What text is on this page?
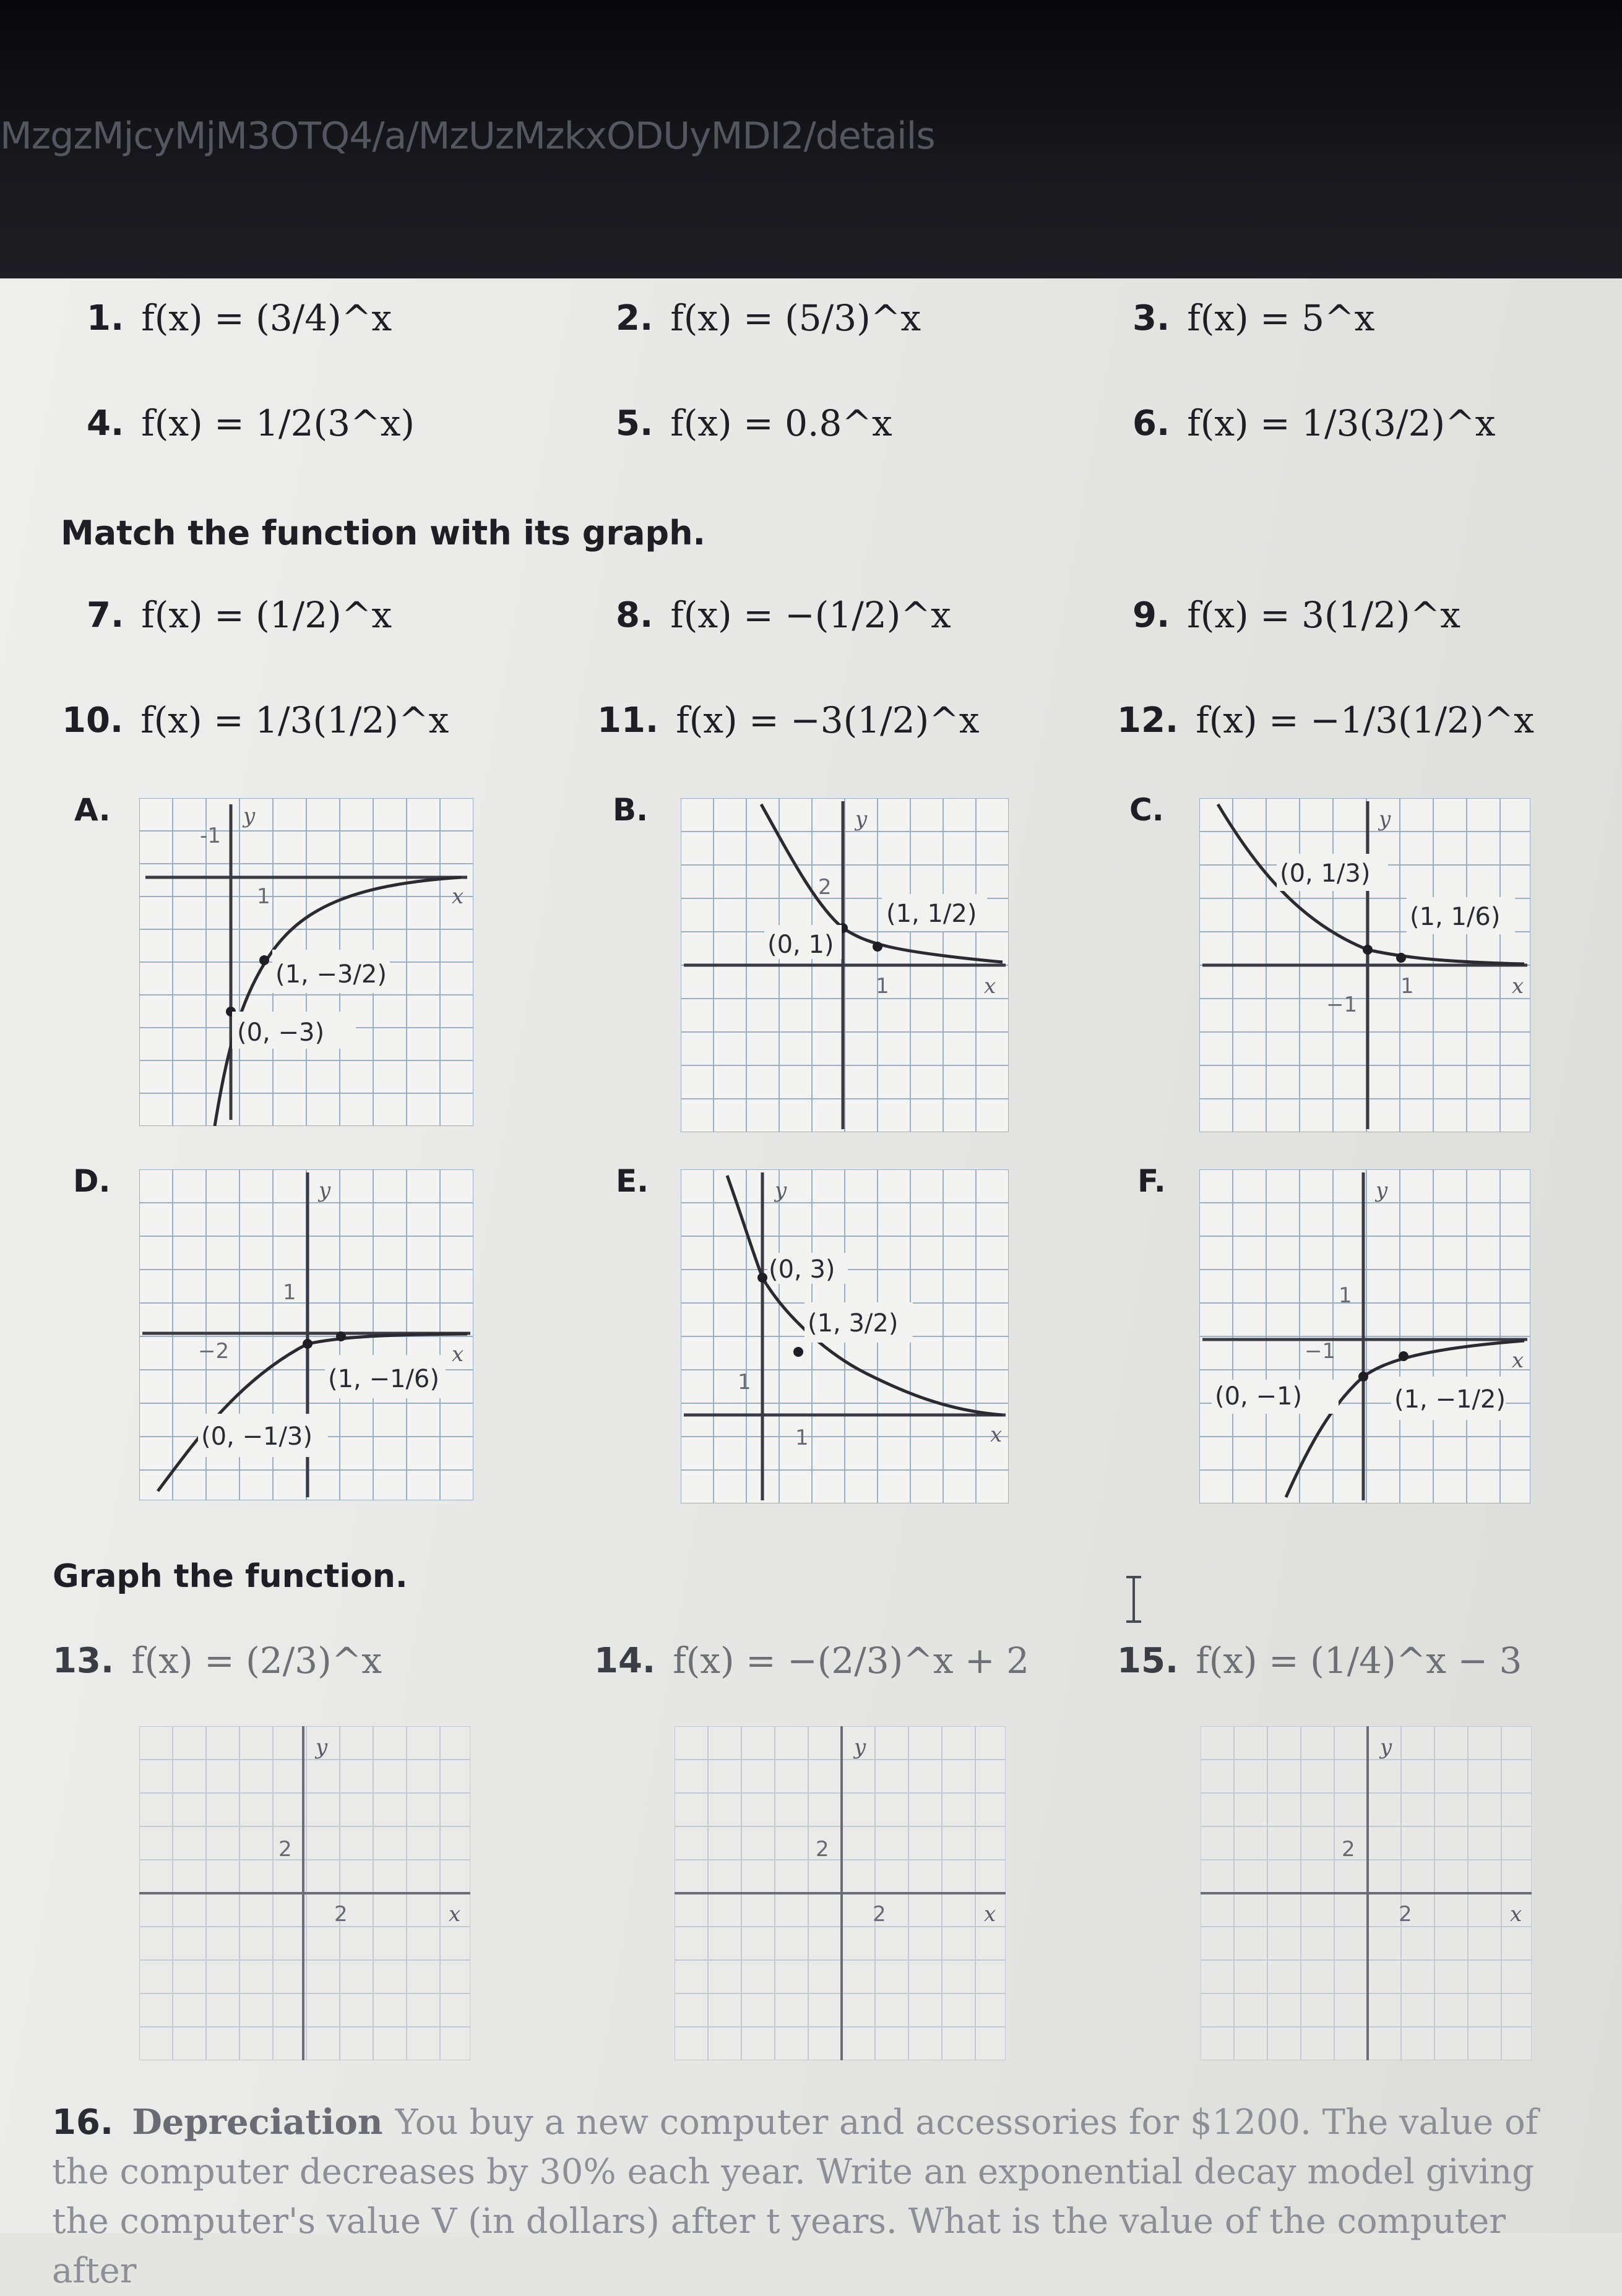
MzgzMjcyMjM3OTQ4/a/MzUzMzkxODUyMDI2/details
1. f(x) = (3/4)^x	2. f(x) = (5/3)^x	3. f(x) = 5^x
4. f(x) = 1/2(3^x)	5. f(x) = 0.8^x	6. f(x) = 1/3(3/2)^x
Match the function with its graph.
7. f(x) = (1/2)^x	8. f(x) = −(1/2)^x	9. f(x) = 3(1/2)^x
10. f(x) = 1/3(1/2)^x	11. f(x) = −3(1/2)^x	12. f(x) = −1/3(1/2)^x
A.	B.	C.
D.	E.	F.
y
x
-1
1
(1, −3/2)
(0, −3)
y
x
2
1
(0, 1)
(1, 1/2)
y
x
−1
1
(0, 1/3)
(1, 1/6)
y
x
1
−2
(1, −1/6)
(0, −1/3)
y
x
1
1
(0, 3)
(1, 3/2)
y
x
1
−1
(0, −1)	(1, −1/2)
Graph the function.
13. f(x) = (2/3)^x	14. f(x) = −(2/3)^x + 2	15. f(x) = (1/4)^x − 3
y
x
2
2
y
x
2
2
y
x
2
2
16. Depreciation You buy a new computer and accessories for $1200. The value of the computer decreases by 30% each year. Write an exponential decay model giving the computer's value V (in dollars) after t years. What is the value of the computer after
